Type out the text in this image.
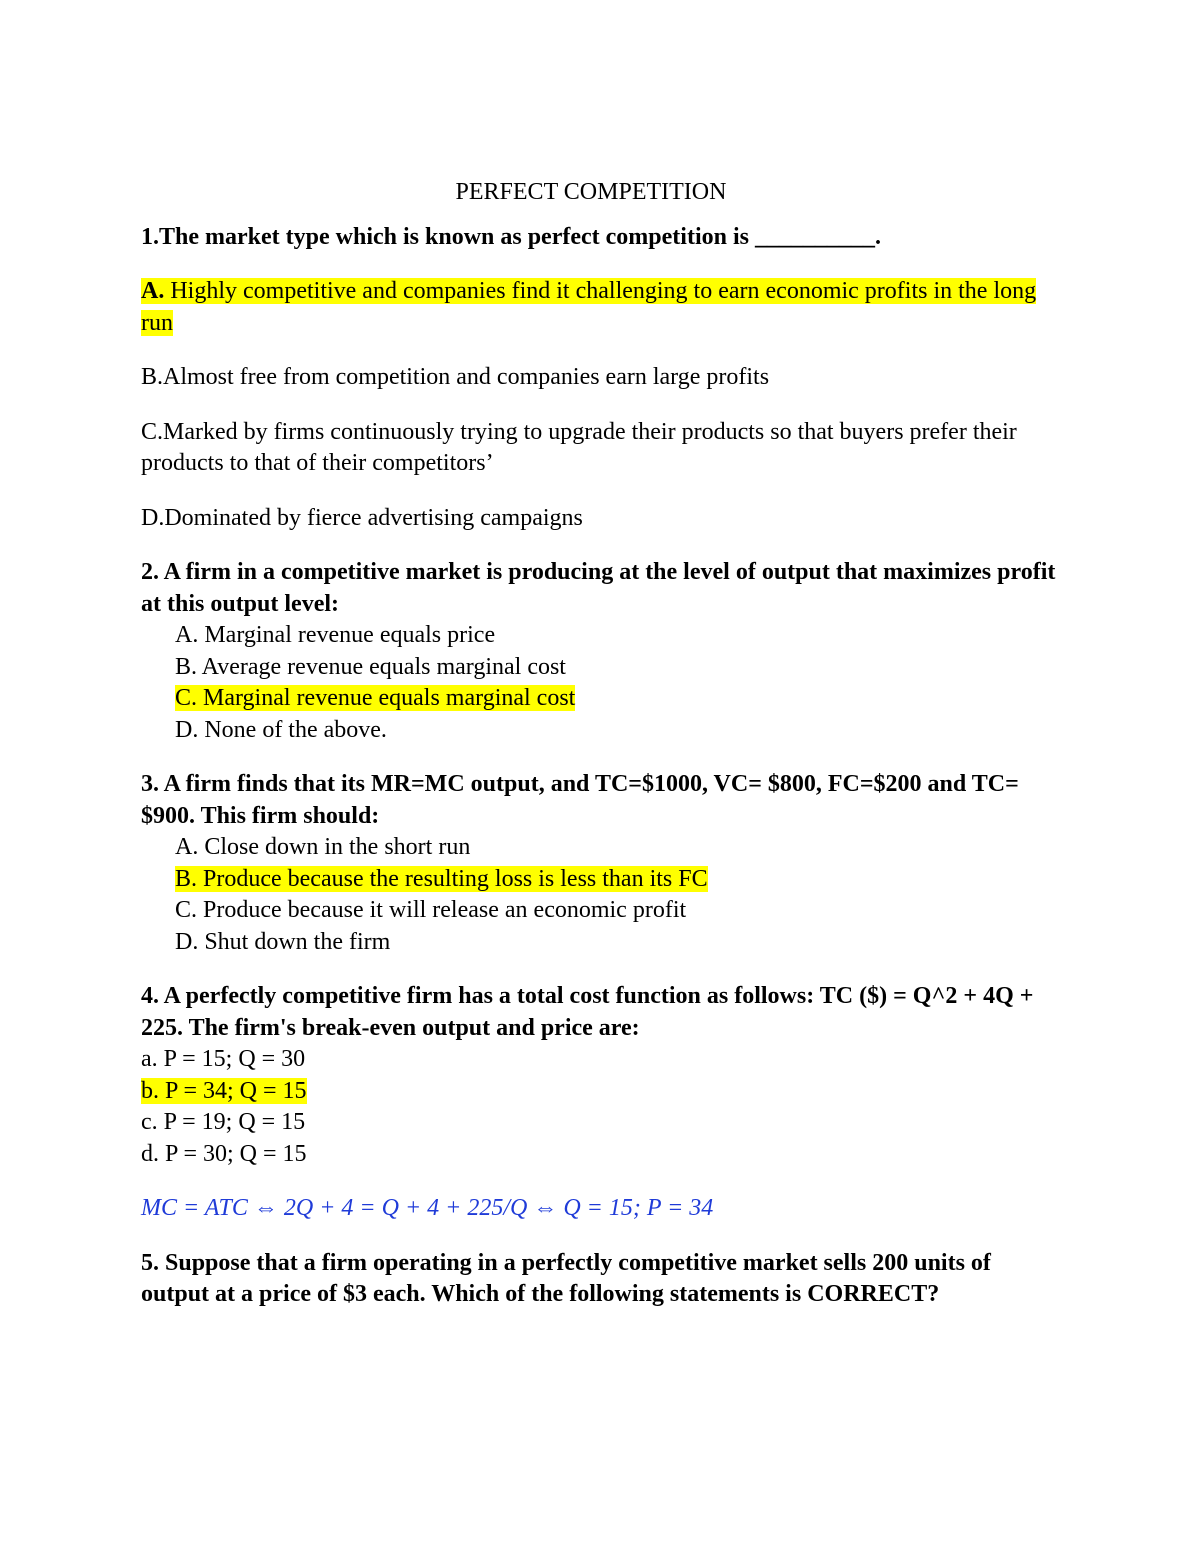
PERFECT COMPETITION

1.The market type which is known as perfect competition is __________.

A. Highly competitive and companies find it challenging to earn economic profits in the long run

B.Almost free from competition and companies earn large profits

C.Marked by firms continuously trying to upgrade their products so that buyers prefer their products to that of their competitors’

D.Dominated by fierce advertising campaigns

2. A firm in a competitive market is producing at the level of output that maximizes profit at this output level:

A. Marginal revenue equals price

B. Average revenue equals marginal cost

C. Marginal revenue equals marginal cost

D. None of the above.

3. A firm finds that its MR=MC output, and TC=$1000, VC= $800, FC=$200 and TC= $900. This firm should:

A. Close down in the short run

B. Produce because the resulting loss is less than its FC

C. Produce because it will release an economic profit

D. Shut down the firm

4. A perfectly competitive firm has a total cost function as follows: TC ($) = Q^2 + 4Q + 225. The firm's break-even output and price are:

a. P = 15; Q = 30

b. P = 34; Q = 15

c. P = 19; Q = 15

d. P = 30; Q = 15

MC = ATC ⇔ 2Q + 4 = Q + 4 + 225/Q ⇔ Q = 15; P = 34

5. Suppose that a firm operating in a perfectly competitive market sells 200 units of output at a price of $3 each. Which of the following statements is CORRECT?
